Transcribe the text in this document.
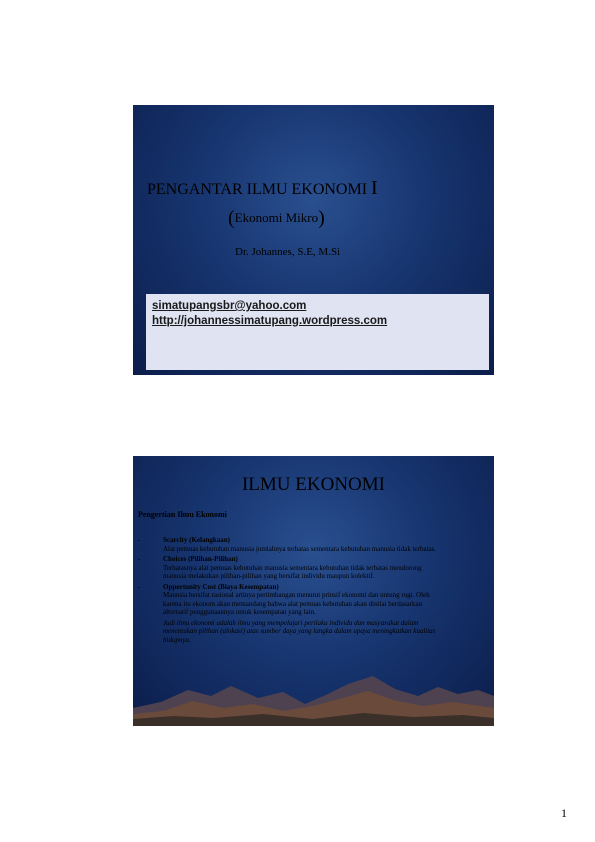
PENGANTAR ILMU EKONOMI I
(Ekonomi Mikro)
Dr. Johannes, S.E, M.Si
simatupangsbr@yahoo.com
http://johannessimatupang.wordpress.com
ILMU EKONOMI
Pengertian Ilmu Ekonomi
-	Scarcity (Kelangkaan)
Alat pemuas kebutuhan manusia jumlahnya terbatas sementara kebutuhan manusia tidak terbatas.
-	Choices (Pilihan-Pilihan)
Terbatasnya alat pemuas kebutuhan manusia sementara kebutuhan tidak terbatas mendorong manusia melakukan pilihan-pilihan yang bersifat individu maupun kolektif.
-	Opportunity Cost (Biaya Kesempatan)
Manusia bersifat rasional artinya pertimbangan menurut prinsif ekonomi dan untung rugi. Oleh karena itu ekonom akan memandang bahwa alat pemuas kebutuhan akan dinilai berdasarkan alternatif penggunaannya untuk kesempatan yang lain.
Jadi ilmu ekonomi adalah ilmu yang mempelajari perilaku individu dan masyarakat dalam menentukan pilihan (alokasi) atas sumber daya yang langka dalam upaya meningkatkan kualitas hidupnya.
1
